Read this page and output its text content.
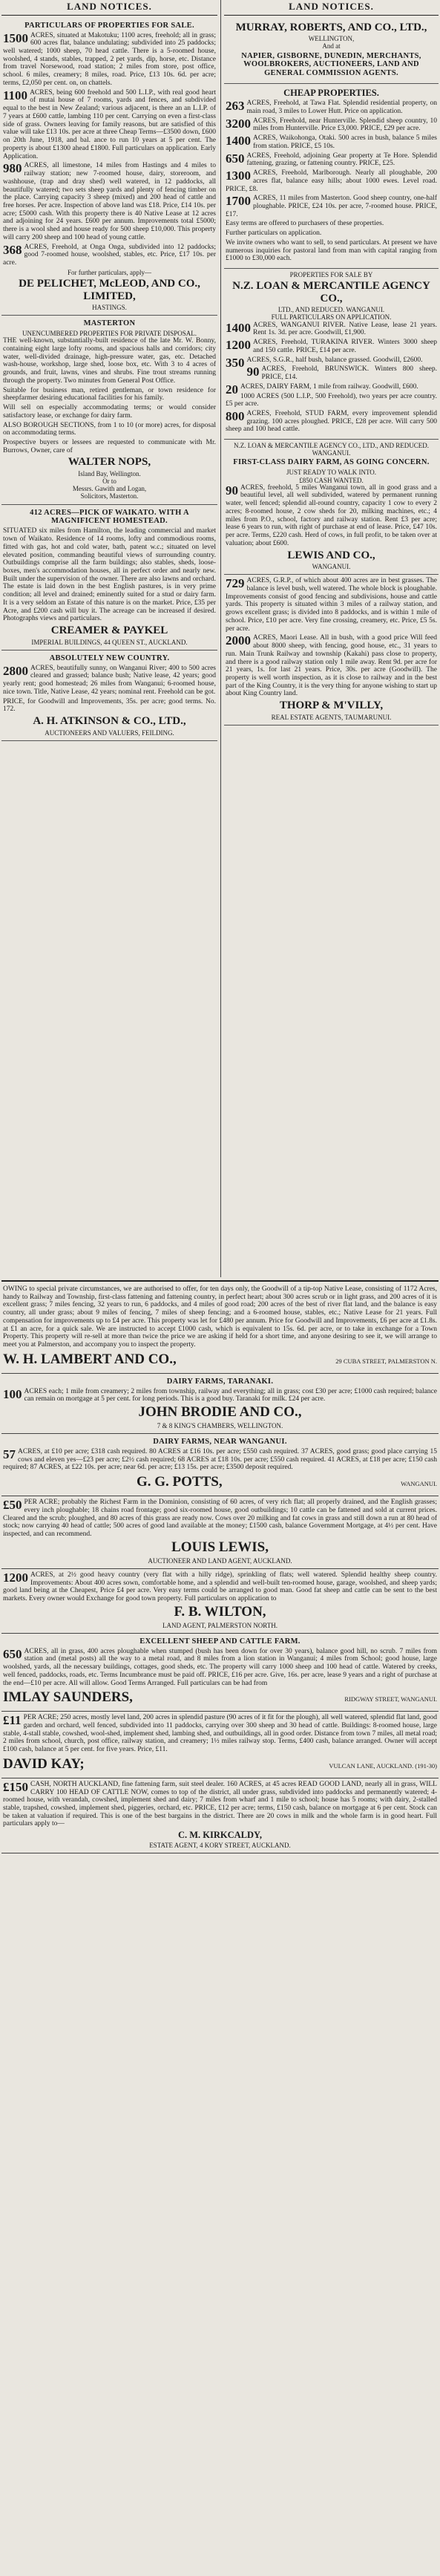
LAND NOTICES.
PARTICULARS OF PROPERTIES FOR SALE.

1500 ACRES, situated at Makotuku; 1100 acres, freehold; all in grass; 600 acres flat, balance undulating; subdivided into 25 paddocks; well watered; 1000 sheep, 70 head cattle. There is a 5-roomed house, woolshed, 4 stands, stables, trapped, 2 pet yards, dip, horse, etc. Distance from travel Norsewood, road station; 2 miles from store, post office, school. 6 miles, creamery; 8 miles, road. Price, £13 10s. 6d. per acre; terms, £2,050 per cent. on, on chattels.

1100 ACRES, being 600 freehold and 500 L.I.P., with real good heart of mutai house of 7 rooms, yards and fences, and subdivided equal to the best in New Zealand; various adjacent, is there an an L.I.P. of 7 years at £600 cattle, lambing 110 per cent. Carrying on even a first-class side of grass. Owners leaving for family reasons, but are satisfied of this value will take £13 10s. per acre at three Cheap Terms—£3500 down, £600 on 20th June, 1918, and bal. ance to run 10 years at 5 per cent. The property is about £1300 ahead £1800. Full particulars on application. Early Application.

980 ACRES, all limestone, 14 miles from Hastings and 4 miles to railway station; new 7-roomed house, dairy, storeroom, and washhouse, (trap and dray shed) well watered, in 12 paddocks, all beautifully watered; two sets sheep yards and plenty of fencing timber on the place. Carrying capacity 3 sheep (mixed) and 200 head of cattle and free horses. Per acre. Inspection of above land was £18. Price, £14 10s. per acre; £5000 cash. With this property there is 40 Native Lease at 12 acres and adjoining for 24 years. £600 per annum. Improvements total £5000; there is a wool shed and house ready for 500 sheep £10,000. This property will carry 200 sheep and 100 head of young cattle.

368 ACRES, Freehold, at Onga Onga, subdivided into 12 paddocks; good 7-roomed house, woolshed, stables, etc. Price, £17 10s. per acre.

For further particulars, apply—
DE PELICHET, McLEOD, AND CO., LIMITED,
HASTINGS.
MASTERTON
UNENCUMBERED PROPERTIES FOR PRIVATE DISPOSAL.

THE well-known, substantially-built residence of the late Mr. W. Bonny, containing eight large lofty rooms, and spacious halls and corridors; city water, well-divided drainage, high-pressure water, gas, etc. Detached wash-house, workshop, large shed, loose box, etc. With 3 to 4 acres of grounds, and fruit, lawns, vines and shrubs. Fine trout streams running through the property. Two minutes from General Post Office.

Suitable for business man, retired gentleman, or town residence for sheepfarmer desiring educational facilities for his family.

Will sell on especially accommodating terms; or would consider satisfactory lease, or exchange for dairy farm.

ALSO BOROUGH SECTIONS, from 1 to 10 (or more) acres, for disposal on accommodating terms.

Prospective buyers or lessees are requested to communicate with Mr. Burrows, Owner, care of

WALTER NOPS,
Island Bay, Wellington.
Or to
Messrs. Gawith and Logan,
Solicitors, Masterton.
412 ACRES—PICK OF WAIKATO. WITH A MAGNIFICENT HOMESTEAD.

SITUATED six miles from Hamilton, the leading commercial and market town of Waikato. Residence of 14 rooms, lofty and commodious rooms, fitted with gas, hot and cold water, bath, patent w.c.; situated on level elevated position, commanding beautiful views of surrounding country. Outbuildings comprise all the farm buildings; also stables, sheds, loose-boxes, men's accommodation houses, all in perfect order and nearly new. Built under the supervision of the owner. There are also lawns and orchard. The estate is laid down in the best English pastures, is in very prime condition; all level and drained; eminently suited for a stud or dairy farm. It is a very seldom an Estate of this nature is on the market. Price, £35 per Acre, and £200 cash will buy it. The acreage can be increased if desired. Photographs views and particulars.

CREAMER & PAYKEL
IMPERIAL BUILDINGS, 44 QUEEN ST., AUCKLAND.
ABSOLUTELY NEW COUNTRY.

2800 ACRES, beautifully sunny, on Wanganui River; 400 to 500 acres cleared and grassed; balance bush; Native lease, 42 years; good yearly rent; good homestead; 26 miles from Wanganui; 6-roomed house, nice town. Title, Native Lease, 42 years; nominal rent. Freehold can be got.

PRICE, for Goodwill and Improvements, 35s. per acre; good terms. No. 172.

A. H. ATKINSON & CO., LTD.,
AUCTIONEERS AND VALUERS, FEILDING.
LAND NOTICES.
MURRAY, ROBERTS, AND CO., LTD.,
WELLINGTON,
And at
NAPIER, GISBORNE, DUNEDIN, MERCHANTS, WOOLBROKERS, AUCTIONEERS, LAND AND GENERAL COMMISSION AGENTS.
CHEAP PROPERTIES.

263 ACRES, Freehold, at Tawa Flat. Splendid residential property, on main road, 3 miles to Lower Hutt. Price on application.

3200 ACRES, Freehold, near Hunterville. Splendid sheep country, 10 miles from Hunterville. Price £3,000. PRICE, £29 per acre.

1400 ACRES, Waikohonga, Otaki. 500 acres in bush, balance 5 miles from station. PRICE, £5 10s.

650 ACRES, Freehold, adjoining Gear property at Te Hore. Splendid fattening, grazing, or fattening country. PRICE, £25.

1300 ACRES, Freehold, Marlborough. Nearly all ploughable, 200 acres flat, balance easy hills; about 1000 ewes. Level road. PRICE, £8.

1700 ACRES, 11 miles from Masterton. Good sheep country, one-half ploughable. PRICE, £24 10s. per acre, 7-roomed house. PRICE, £17.

Easy terms are offered to purchasers of these properties.

Further particulars on application.

We invite owners who want to sell, to send particulars. At present we have numerous inquiries for pastoral land from man with capital ranging from £1000 to £30,000 each.

PROPERTIES FOR SALE BY
N.Z. LOAN & MERCANTILE AGENCY CO.,
LTD., AND REDUCED. WANGANUI.
FULL PARTICULARS ON APPLICATION.

1400 ACRES, WANGANUI RIVER. Native Lease, lease 21 years. Rent 1s. 3d. per acre. Goodwill, £1,900.

1200 ACRES, Freehold, TURAKINA RIVER. Winters 3000 sheep and 150 cattle. PRICE, £14 per acre.

350 ACRES, S.G.R., half bush, balance grassed. Goodwill, £2600.

90 ACRES, Freehold, BRUNSWICK. Winters 800 sheep. PRICE, £14.

20 ACRES, DAIRY FARM, 1 mile from railway. Goodwill, £600.

1000 ACRES (500 L.I.P., 500 Freehold), two years per acre country. £5 per acre.

800 ACRES, Freehold, STUD FARM, every improvement splendid grazing. 100 acres ploughed. PRICE, £28 per acre. Will carry 500 sheep and 100 head cattle.

N.Z. LOAN & MERCANTILE AGENCY CO., LTD., AND REDUCED. WANGANUI.
FIRST-CLASS DAIRY FARM, AS GOING CONCERN.
JUST READY TO WALK INTO.
£850 CASH WANTED.

90 ACRES, freehold, 5 miles Wanganui town, all in good grass and a beautiful level, all well subdivided, watered by permanent running water, well fenced; splendid all-round country, capacity 1 cow to every 2 acres; 8-roomed house, 2 cow sheds for 20, milking machines, etc.; 4 miles from P.O., school, factory and railway station. Rent £3 per acre; lease 6 years to run, with right of purchase at end of lease. Price, £47 10s. per acre. Terms, £220 cash. Herd of cows, in full profit, to be taken over at valuation; about £600.

LEWIS AND CO.,
WANGANUI.

729 ACRES, G.R.P., of which about 400 acres are in best grasses. The balance is level bush, well watered. The whole block is ploughable. Improvements consist of good fencing and subdivisions, house and cattle yards. This property is situated within 3 miles of a railway station, and grows excellent grass; is divided into 8 paddocks, and is within 1 mile of school. Price, £10 per acre. Very fine crossing, creamery, etc. Price, £5 5s. per acre.

2000 ACRES, Maori Lease. All in bush, with a good price Will feed about 8000 sheep, with fencing, good house, etc., 31 years to run. Main Trunk Railway and township (Kakahi) pass close to property, and there is a good railway station only 1 mile away. Rent 9d. per acre for 21 years, 1s. for last 21 years. Price, 30s. per acre (Goodwill). The property is well worth inspection, as it is close to railway and in the best part of the King Country, it is the very thing for anyone wishing to start up about King Country land.

THORP & M'VILLY,
REAL ESTATE AGENTS, TAUMARUNUI.

OWING to special private circumstances, we are authorised to offer, for ten days only, the Goodwill of a tip-top Native Lease, consisting of 1172 Acres, handy to Railway and Township, first-class fattening and fattening country, in perfect heart; about 300 acres scrub or in light grass, and 200 acres of it is excellent grass; 7 miles fencing, 32 years to run, 6 paddocks, and 4 miles of good road; 200 acres of the best of river flat land, and the balance is easy country, all under grass; about 9 miles of fencing, 7 miles of sheep fencing; and a 6-roomed house, stables, etc.; Native Lease for 21 years. Full compensation for improvements up to £4 per acre. This property was let for £480 per annum. Price for Goodwill and Improvements, £6 per acre at £1.8s. at £1 an acre, for a quick sale. We are instructed to accept £1000 cash, which is equivalent to 15s. 6d. per acre, or to take in exchange for a Town Property. This property will re-sell at more than twice the price we are asking if held for a short time, and anyone desiring to see it, we will arrange to meet you at Palmerston, and accompany you to inspect the property.

W. H. LAMBERT AND CO.,	29 CUBA STREET, PALMERSTON N.
DAIRY FARMS, TARANAKI.

100 ACRES each; 1 mile from creamery; 2 miles from township, railway and everything; all in grass; cost £30 per acre; £1000 cash required; balance can remain on mortgage at 5 per cent. for long periods. This is a good buy. Taranaki for milk. £24 per acre.

JOHN BRODIE AND CO.,
7 & 8 KING'S CHAMBERS, WELLINGTON.
DAIRY FARMS, NEAR WANGANUI.

57 ACRES, at £10 per acre; £318 cash required. 80 ACRES at £16 10s. per acre; £550 cash required. 37 ACRES, good grass; good place carrying 15 cows and eleven yes—£23 per acre; £2½ cash required; 68 ACRES at £18 10s. per acre; £550 cash required. 41 ACRES, at £18 per acre; £150 cash required; 87 ACRES, at £22 10s. per acre; near 6d. per acre; £13 15s. per acre; £3500 deposit required.

G. G. POTTS,	WANGANUI.

£50 PER ACRE; probably the Richest Farm in the Dominion, consisting of 60 acres, of very rich flat; all properly drained, and the English grasses; every inch ploughable; 18 chains road frontage; good six-roomed house, good outbuildings; 10 cattle can be fattened and sold at current prices. Cleared and the scrub; ploughed, and 80 acres of this grass are ready now. Cows over 20 milking and fat cows in grass and still down a run at 80 head of stock; now carrying 40 head of cattle; 500 acres of good land available at the money; £1500 cash, balance Government Mortgage, at 4½ per cent. Have inspected, and can recommend.

LOUIS LEWIS,
AUCTIONEER AND LAND AGENT, AUCKLAND.

1200 ACRES, at 2½ good heavy country (very flat with a hilly ridge), sprinkling of flats; well watered. Splendid healthy sheep country. Improvements: About 400 acres sown, comfortable home, and a splendid and well-built ten-roomed house, garage, woolshed, and sheep yards; good land being at the Cheapest, Price £4 per acre. Very easy terms could be arranged to good man. Good fat sheep and cattle can be sent to the best markets. Every owner would Exchange for good town property. Full particulars on application to

F. B. WILTON,
LAND AGENT, PALMERSTON NORTH.
EXCELLENT SHEEP AND CATTLE FARM.

650 ACRES, all in grass, 400 acres ploughable when stumped (bush has been down for over 30 years), balance good hill, no scrub. 7 miles from station and (metal posts) all the way to a metal road, and 8 miles from a lion station in Wanganui; 4 miles from School; good house, large woolshed, yards, all the necessary buildings, cottages, good sheds, etc. The property will carry 1000 sheep and 100 head of cattle. Watered by creeks, well fenced, paddocks, roads, etc. Terms Incumbrance must be paid off. PRICE, £16 per acre. Give, 16s. per acre, lease 9 years and a right of purchase at the end—£10 per acre. All will allow. Good Terms Arranged. Full particulars can be had from

IMLAY SAUNDERS,	RIDGWAY STREET, WANGANUI.

£11 PER ACRE; 250 acres, mostly level land, 200 acres in splendid pasture (90 acres of it fit for the plough), all well watered, splendid flat land, good garden and orchard, well fenced, subdivided into 11 paddocks, carrying over 300 sheep and 30 head of cattle. Buildings: 8-roomed house, large stable, 4-stall stable, cowshed, wool-shed, implement shed, lambing shed, and outbuildings, all in good order. Distance from town 7 miles, all metal road; 2 miles from school, church, post office, railway station, and creamery; 1½ miles railway stop. Terms, £400 cash, balance arranged. Owner will accept £100 cash, balance at 5 per cent. for five years. Price, £11.

DAVID KAY;	VULCAN LANE, AUCKLAND. (191-30)

£150 CASH, NORTH AUCKLAND, fine fattening farm, suit steel dealer. 160 ACRES, at 45 acres READ GOOD LAND, nearly all in grass, WILL CARRY 100 HEAD OF CATTLE NOW, comes to top of the district, all under grass, subdivided into paddocks and permanently watered; 4-roomed house, with verandah, cowshed, implement shed and dairy; 7 miles from wharf and 1 mile to school; house has 5 rooms; with dairy, 2-stalled stable, trapshed, cowshed, implement shed, piggeries, orchard, etc. PRICE, £12 per acre; terms, £150 cash, balance on mortgage at 6 per cent. Stock can be taken at valuation if required. This is one of the best bargains in the district. There are 20 cows in milk and the whole farm is in good heart. Full particulars apply to—

C. M. KIRKCALDY,
ESTATE AGENT, 4 KORY STREET, AUCKLAND.
